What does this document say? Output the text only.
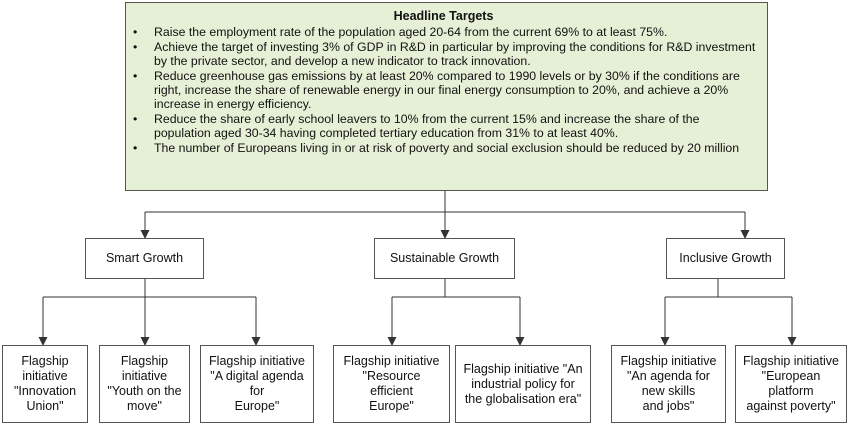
Headline Targets
• Raise the employment rate of the population aged 20-64 from the current 69% to at least 75%.
• Achieve the target of investing 3% of GDP in R&D in particular by improving the conditions for R&D investment by the private sector, and develop a new indicator to track innovation.
• Reduce greenhouse gas emissions by at least 20% compared to 1990 levels or by 30% if the conditions are right, increase the share of renewable energy in our final energy consumption to 20%, and achieve a 20% increase in energy efficiency.
• Reduce the share of early school leavers to 10% from the current 15% and increase the share of the population aged 30-34 having completed tertiary education from 31% to at least 40%.
• The number of Europeans living in or at risk of poverty and social exclusion should be reduced by 20 million
Smart Growth	Sustainable Growth	Inclusive Growth
Flagship
initiative
"Innovation
Union"
Flagship
initiative
"Youth on the
move"
Flagship initiative
"A digital agenda
for
Europe"
Flagship initiative
"Resource
efficient
Europe"
Flagship initiative "An
industrial policy for
the globalisation era"
Flagship initiative
"An agenda for
new skills
and jobs"
Flagship initiative
"European
platform
against poverty"
